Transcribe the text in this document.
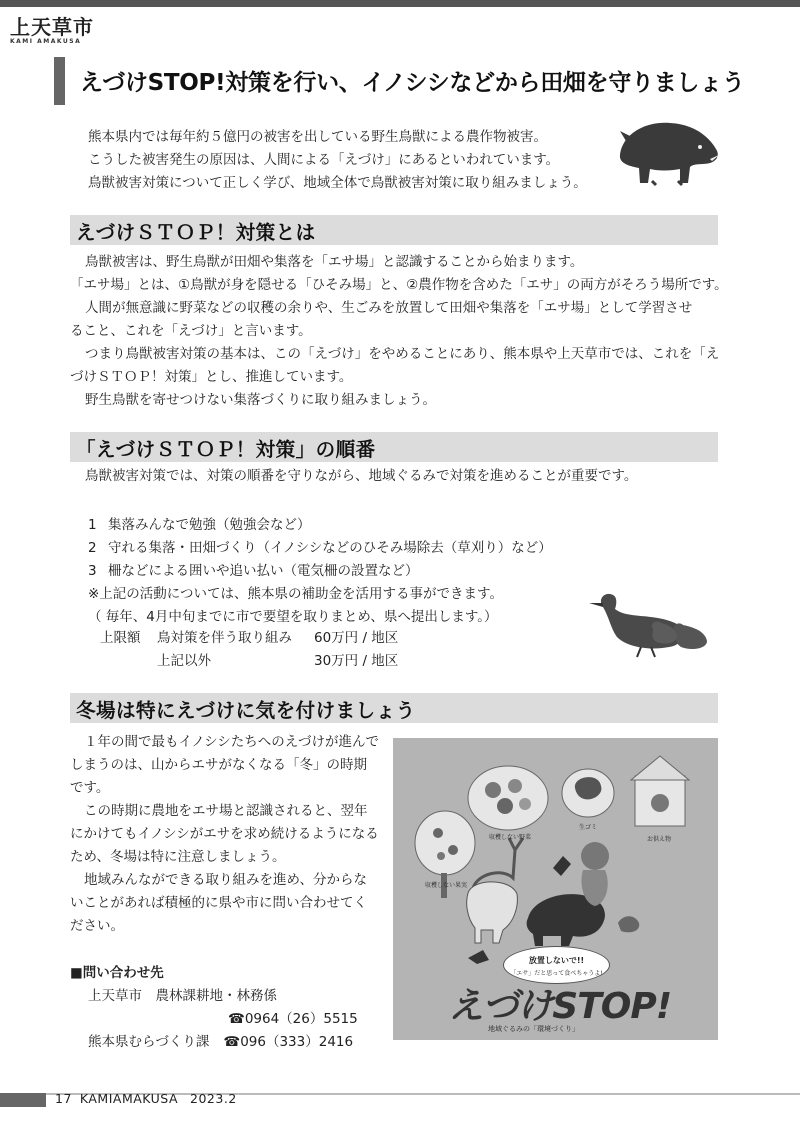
上天草市
KAMI AMAKUSA
えづけSTOP!対策を行い、イノシシなどから田畑を守りましょう

熊本県内では毎年約５億円の被害を出している野生鳥獣による農作物被害。

こうした被害発生の原因は、人間による「えづけ」にあるといわれています。

鳥獣被害対策について正しく学び、地域全体で鳥獣被害対策に取り組みましょう。

えづけＳＴＯＰ！対策とは

鳥獣被害は、野生鳥獣が田畑や集落を「エサ場」と認識することから始まります。

「エサ場」とは、①鳥獣が身を隠せる「ひそみ場」と、②農作物を含めた「エサ」の両方がそろう場所です。

人間が無意識に野菜などの収穫の余りや、生ごみを放置して田畑や集落を「エサ場」として学習させ

ること、これを「えづけ」と言います。

つまり鳥獣被害対策の基本は、この「えづけ」をやめることにあり、熊本県や上天草市では、これを「え

づけＳＴＯＰ！対策」とし、推進しています。

野生鳥獣を寄せつけない集落づくりに取り組みましょう。

「えづけＳＴＯＰ！対策」の順番

鳥獣被害対策では、対策の順番を守りながら、地域ぐるみで対策を進めることが重要です。

1 集落みんなで勉強（勉強会など）

2 守れる集落・田畑づくり（イノシシなどのひそみ場除去（草刈り）など）

3 柵などによる囲いや追い払い（電気柵の設置など）

※上記の活動については、熊本県の補助金を活用する事ができます。

（ 毎年、4月中旬までに市で要望を取りまとめ、県へ提出します。）

上限額 鳥対策を伴う取り組み 60万円 / 地区
上記以外	30万円 / 地区
冬場は特にえづけに気を付けましょう

１年の間で最もイノシシたちへのえづけが進んでしまうのは、山からエサがなくなる「冬」の時期です。

この時期に農地をエサ場と認識されると、翌年にかけてもイノシシがエサを求め続けるようになるため、冬場は特に注意しましょう。

地域みんなができる取り組みを進め、分からないことがあれば積極的に県や市に問い合わせてください。

■問い合わせ先

上天草市　農林課耕地・林務係

☎0964（26）5515

熊本県むらづくり課 ☎096（333）2416

収穫しない野菜
生ゴミ
お供え物
収穫しない果実
放置しないで!!
「エサ」だと思って食べちゃうよ!
えづけSTOP!
地域ぐるみの「環境づくり」
17 KAMIAMAKUSA 2023.2
